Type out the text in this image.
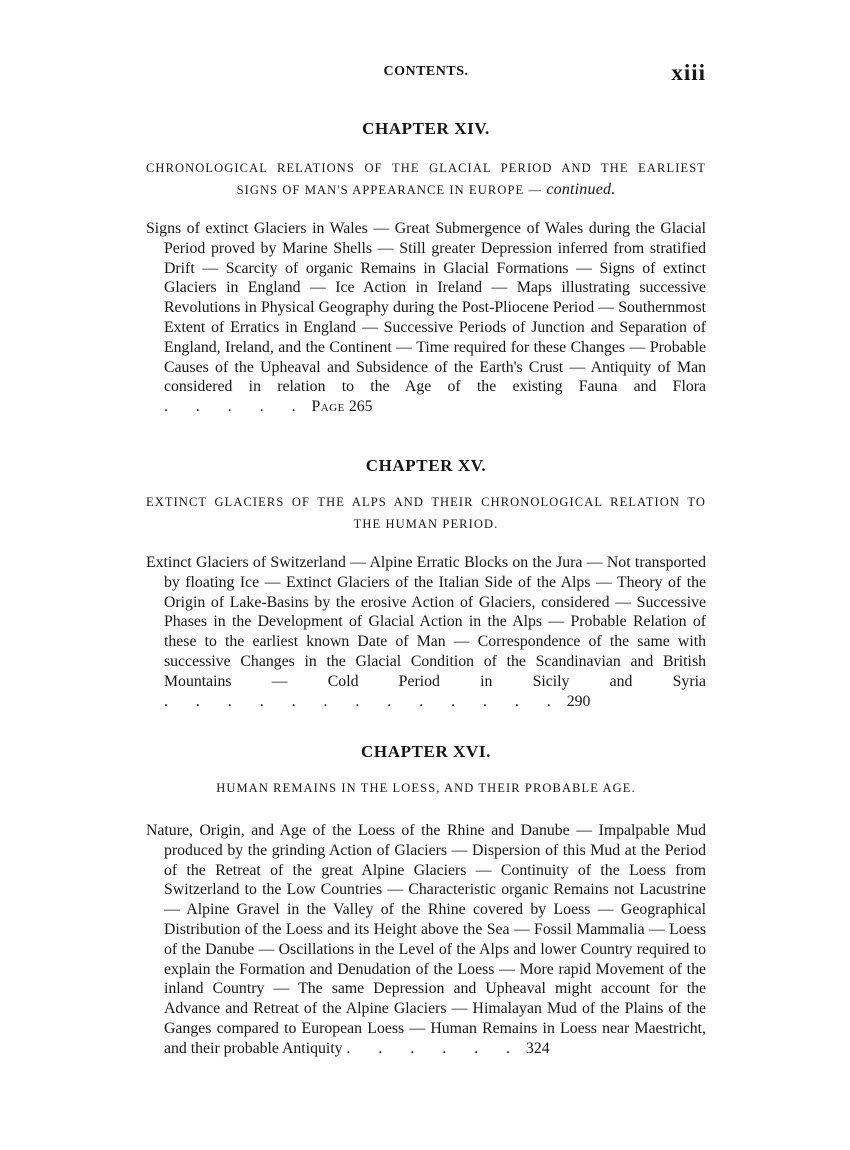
CONTENTS.	xiii
CHAPTER XIV.

CHRONOLOGICAL RELATIONS OF THE GLACIAL PERIOD AND THE EARLIEST SIGNS OF MAN'S APPEARANCE IN EUROPE — continued.

Signs of extinct Glaciers in Wales — Great Submergence of Wales during the Glacial Period proved by Marine Shells — Still greater Depression inferred from stratified Drift — Scarcity of organic Remains in Glacial Formations — Signs of extinct Glaciers in England — Ice Action in Ireland — Maps illustrating successive Revolutions in Physical Geography during the Post-Pliocene Period — Southernmost Extent of Erratics in England — Successive Periods of Junction and Separation of England, Ireland, and the Continent — Time required for these Changes — Probable Causes of the Upheaval and Subsidence of the Earth's Crust — Antiquity of Man considered in relation to the Age of the existing Fauna and Flora . . . . . Page 265

CHAPTER XV.

EXTINCT GLACIERS OF THE ALPS AND THEIR CHRONOLOGICAL RELATION TO THE HUMAN PERIOD.

Extinct Glaciers of Switzerland — Alpine Erratic Blocks on the Jura — Not transported by floating Ice — Extinct Glaciers of the Italian Side of the Alps — Theory of the Origin of Lake-Basins by the erosive Action of Glaciers, considered — Successive Phases in the Development of Glacial Action in the Alps — Probable Relation of these to the earliest known Date of Man — Correspondence of the same with successive Changes in the Glacial Condition of the Scandinavian and British Mountains — Cold Period in Sicily and Syria . . . . . . . . . . . . . 290

CHAPTER XVI.

HUMAN REMAINS IN THE LOESS, AND THEIR PROBABLE AGE.

Nature, Origin, and Age of the Loess of the Rhine and Danube — Impalpable Mud produced by the grinding Action of Glaciers — Dispersion of this Mud at the Period of the Retreat of the great Alpine Glaciers — Continuity of the Loess from Switzerland to the Low Countries — Characteristic organic Remains not Lacustrine — Alpine Gravel in the Valley of the Rhine covered by Loess — Geographical Distribution of the Loess and its Height above the Sea — Fossil Mammalia — Loess of the Danube — Oscillations in the Level of the Alps and lower Country required to explain the Formation and Denudation of the Loess — More rapid Movement of the inland Country — The same Depression and Upheaval might account for the Advance and Retreat of the Alpine Glaciers — Himalayan Mud of the Plains of the Ganges compared to European Loess — Human Remains in Loess near Maestricht, and their probable Antiquity . . . . . . 324
